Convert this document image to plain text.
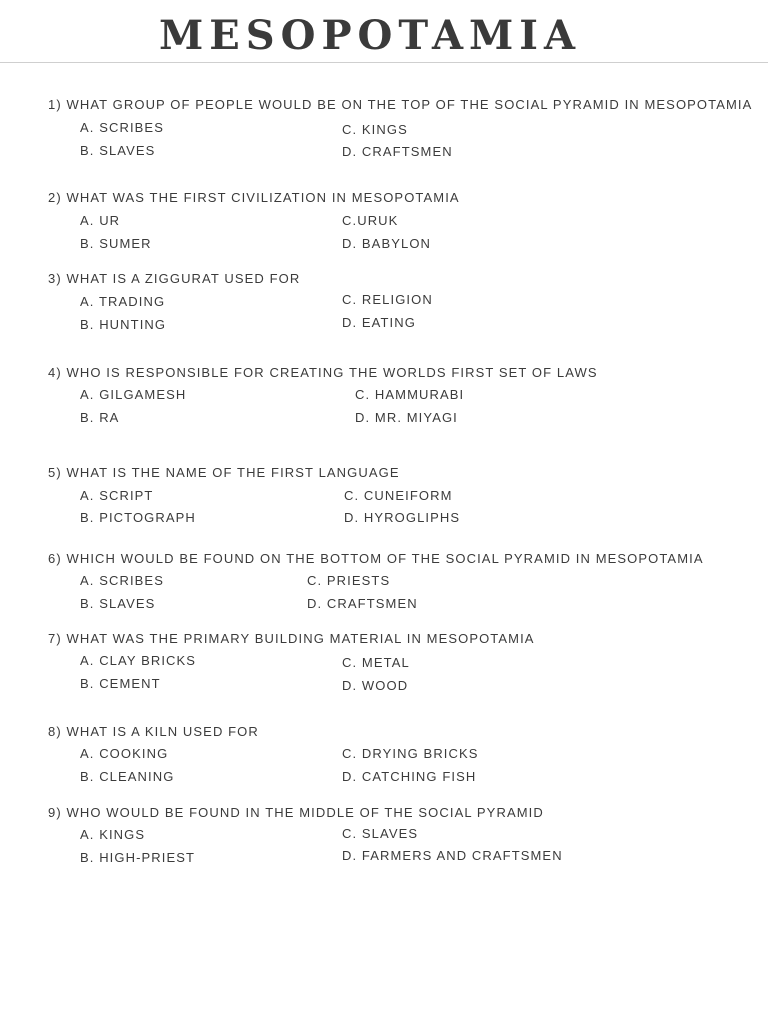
MESOPOTAMIA
1) WHAT GROUP OF PEOPLE WOULD BE ON THE TOP OF THE SOCIAL PYRAMID IN MESOPOTAMIA
A. SCRIBES
B. SLAVES
C. KINGS
D. CRAFTSMEN
2) WHAT WAS THE FIRST CIVILIZATION IN MESOPOTAMIA
A. UR
B. SUMER
C.URUK
D. BABYLON
3) WHAT IS A ZIGGURAT USED FOR
A. TRADING
B. HUNTING
C. RELIGION
D. EATING
4) WHO IS RESPONSIBLE FOR CREATING THE WORLDS FIRST SET OF LAWS
A. GILGAMESH
B. RA
C. HAMMURABI
D. MR. MIYAGI
5) WHAT IS THE NAME OF THE FIRST LANGUAGE
A. SCRIPT
B. PICTOGRAPH
C. CUNEIFORM
D. HYROGLIPHS
6) WHICH WOULD BE FOUND ON THE BOTTOM OF THE SOCIAL PYRAMID IN MESOPOTAMIA
A. SCRIBES
B. SLAVES
C. PRIESTS
D. CRAFTSMEN
7) WHAT WAS THE PRIMARY BUILDING MATERIAL IN MESOPOTAMIA
A. CLAY BRICKS
B. CEMENT
C. METAL
D. WOOD
8) WHAT IS A KILN USED FOR
A. COOKING
B. CLEANING
C. DRYING BRICKS
D. CATCHING FISH
9) WHO WOULD BE FOUND IN THE MIDDLE OF THE SOCIAL PYRAMID
A. KINGS
B. HIGH-PRIEST
C. SLAVES
D. FARMERS AND CRAFTSMEN
